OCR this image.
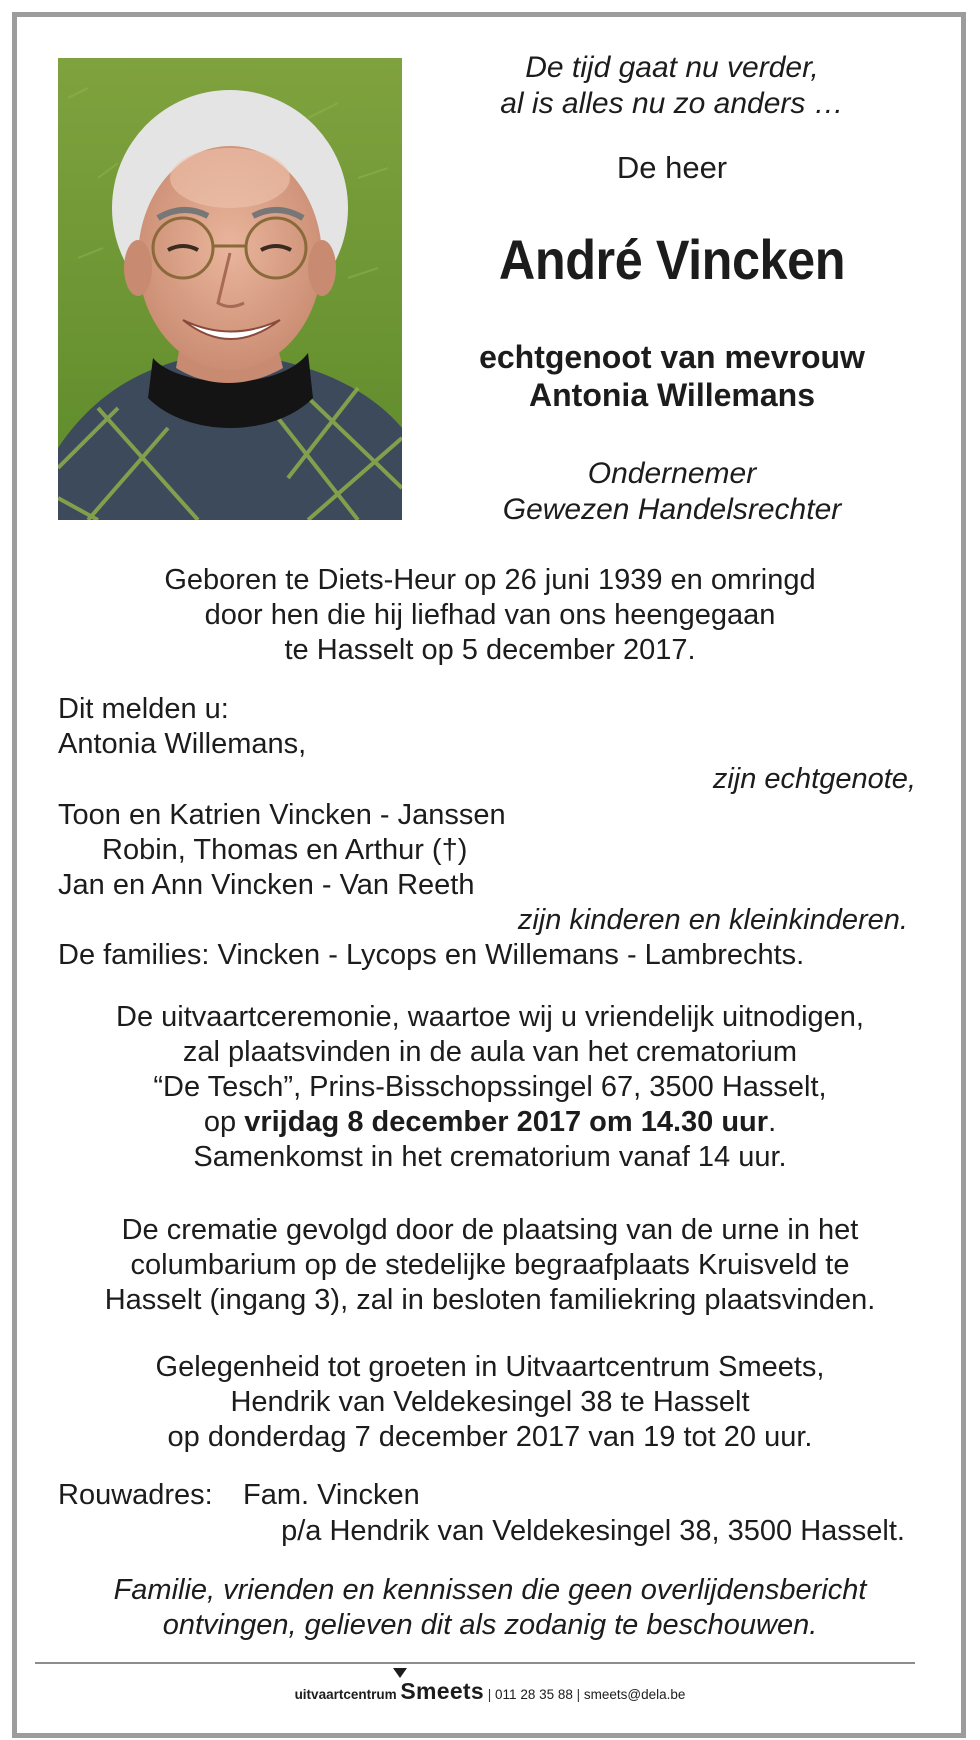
De tijd gaat nu verder,
al is alles nu zo anders …
De heer
André Vincken
echtgenoot van mevrouw
Antonia Willemans
Ondernemer
Gewezen Handelsrechter
Geboren te Diets-Heur op 26 juni 1939 en omringd
door hen die hij liefhad van ons heengegaan
te Hasselt op 5 december 2017.
Dit melden u:
Antonia Willemans,
zijn echtgenote,
Toon en Katrien Vincken - Janssen
Robin, Thomas en Arthur (†)
Jan en Ann Vincken - Van Reeth
zijn kinderen en kleinkinderen.
De families: Vincken - Lycops en Willemans - Lambrechts.
De uitvaartceremonie, waartoe wij u vriendelijk uitnodigen,
zal plaatsvinden in de aula van het crematorium
“De Tesch”, Prins-Bisschopssingel 67, 3500 Hasselt,
op vrijdag 8 december 2017 om 14.30 uur.
Samenkomst in het crematorium vanaf 14 uur.
De crematie gevolgd door de plaatsing van de urne in het
columbarium op de stedelijke begraafplaats Kruisveld te
Hasselt (ingang 3), zal in besloten familiekring plaatsvinden.
Gelegenheid tot groeten in Uitvaartcentrum Smeets,
Hendrik van Veldekesingel 38 te Hasselt
op donderdag 7 december 2017 van 19 tot 20 uur.
Rouwadres: Fam. Vincken
p/a Hendrik van Veldekesingel 38, 3500 Hasselt.
Familie, vrienden en kennissen die geen overlijdensbericht
ontvingen, gelieven dit als zodanig te beschouwen.
uitvaartcentrum Smeets | 011 28 35 88 | smeets@dela.be
